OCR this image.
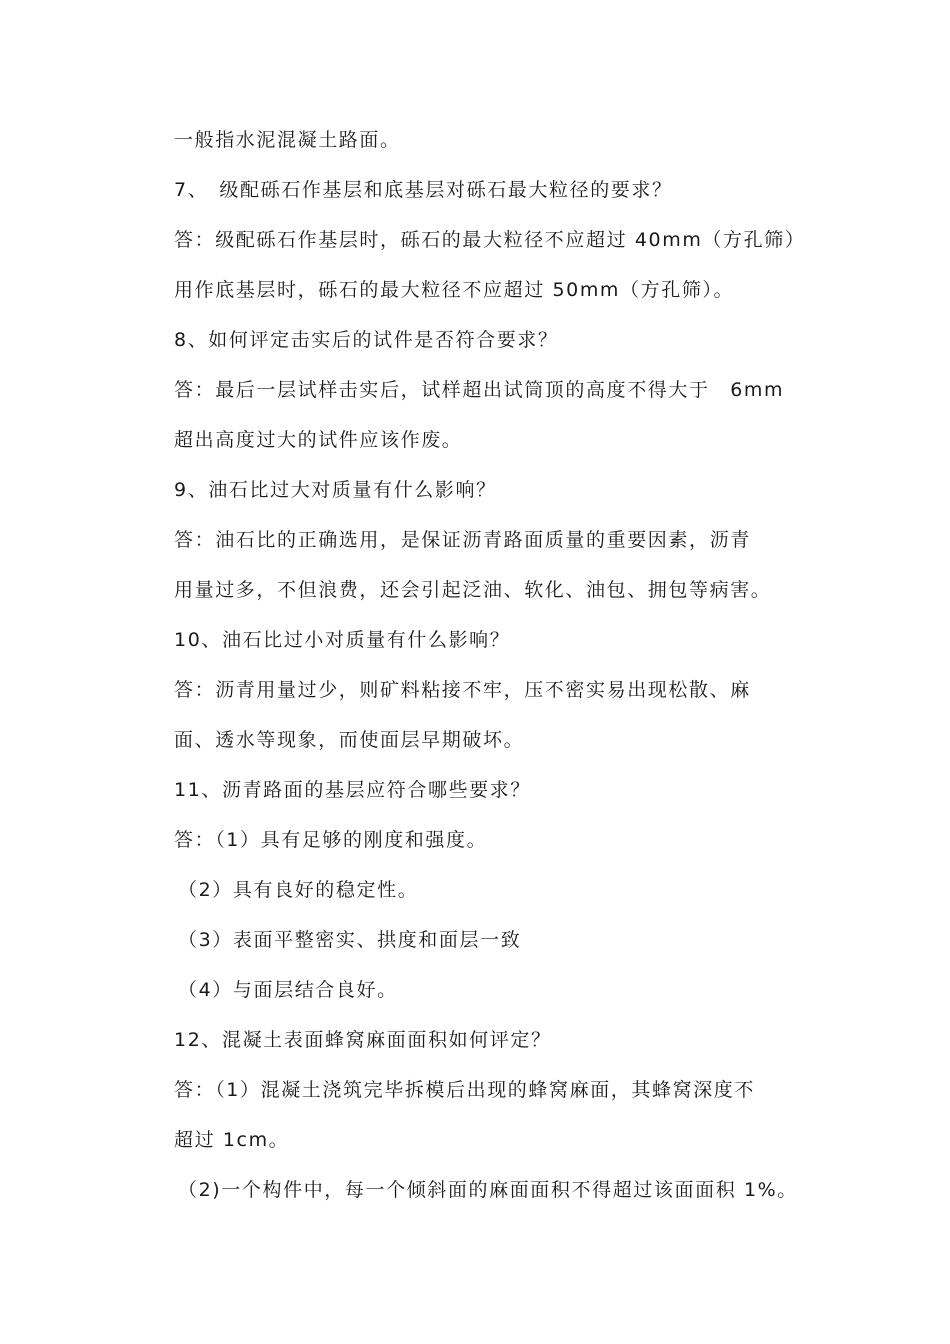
一般指水泥混凝土路面。
7、　级配砾石作基层和底基层对砾石最大粒径的要求？
答：级配砾石作基层时，砾石的最大粒径不应超过 40mm（方孔筛）
用作底基层时，砾石的最大粒径不应超过 50mm（方孔筛）。
8、如何评定击实后的试件是否符合要求？
答：最后一层试样击实后，试样超出试筒顶的高度不得大于　6mm
超出高度过大的试件应该作废。
9、油石比过大对质量有什么影响？
答：油石比的正确选用，是保证沥青路面质量的重要因素，沥青
用量过多，不但浪费，还会引起泛油、软化、油包、拥包等病害。
10、油石比过小对质量有什么影响？
答：沥青用量过少，则矿料粘接不牢，压不密实易出现松散、麻
面、透水等现象，而使面层早期破坏。
11、沥青路面的基层应符合哪些要求？
答：（1）具有足够的刚度和强度。
（2）具有良好的稳定性。
（3）表面平整密实、拱度和面层一致
（4）与面层结合良好。
12、混凝土表面蜂窝麻面面积如何评定？
答：（1）混凝土浇筑完毕拆模后出现的蜂窝麻面，其蜂窝深度不
超过 1cm。
（2)一个构件中，每一个倾斜面的麻面面积不得超过该面面积 1%。
